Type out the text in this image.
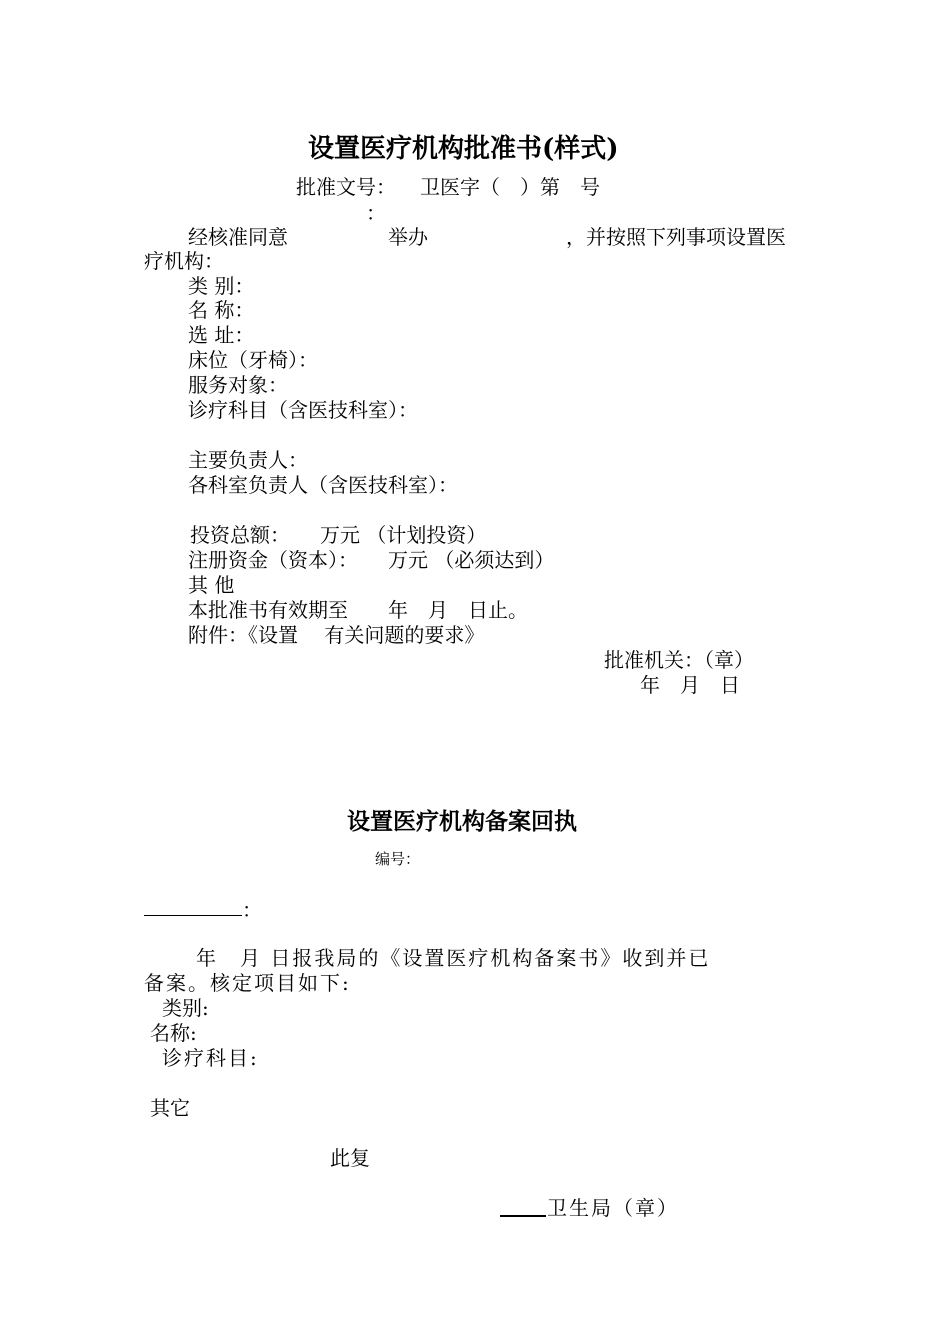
设置医疗机构批准书(样式)
批准文号： 卫医字（　）第　号
：
经核准同意	举办	，并按照下列事项设置医
疗机构：
类 别：
名 称：
选 址：
床位（牙椅）：
服务对象：
诊疗科目（含医技科室）：
主要负责人：
各科室负责人（含医技科室）：
投资总额：　　万元 （计划投资）
注册资金（资本）：　　万元 （必须达到）
其 他
本批准书有效期至　　年　月　日止。
附件：《设置　 有关问题的要求》
批准机关：（章）
年　月　日
设置医疗机构备案回执
编号：
：
年　月 日报我局的《设置医疗机构备案书》收到并已
备案。核定项目如下:
类别:
名称:
诊疗科目:
其它
此复
卫生局（章）
